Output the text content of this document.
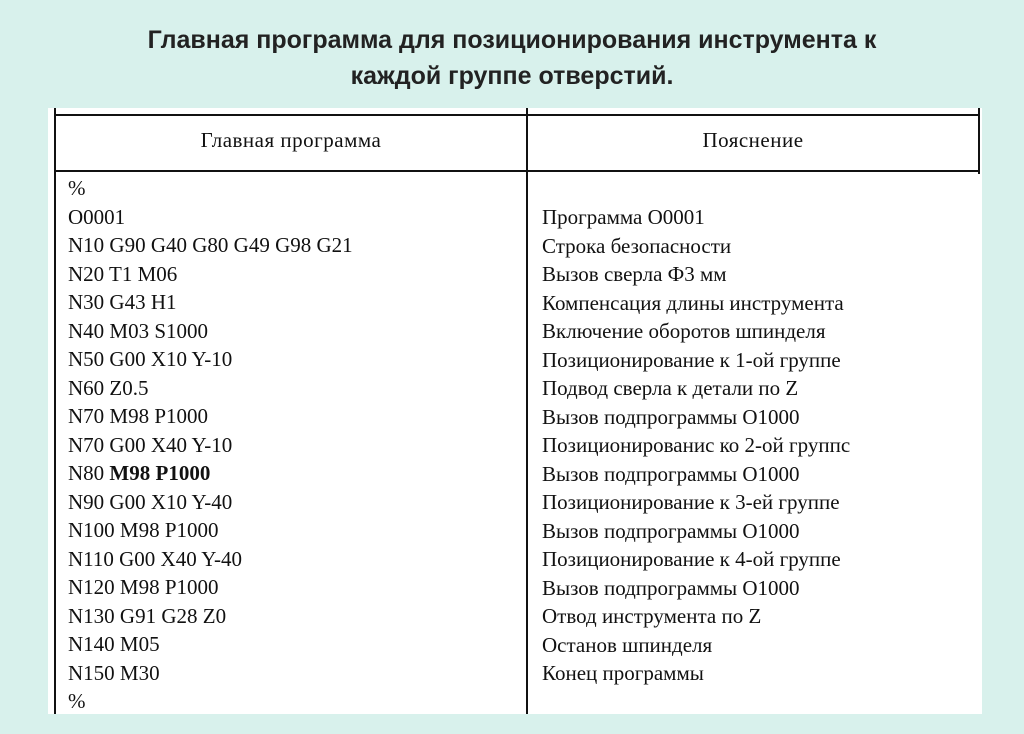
Главная программа для позиционирования инструмента к
каждой группе отверстий.
Главная программа	Пояснение
%
O0001
N10 G90 G40 G80 G49 G98 G21
N20 T1 M06
N30 G43 H1
N40 M03 S1000
N50 G00 X10 Y-10
N60 Z0.5
N70 M98 P1000
N70 G00 X40 Y-10
N80 M98 P1000
N90 G00 X10 Y-40
N100 M98 P1000
N110 G00 X40 Y-40
N120 M98 P1000
N130 G91 G28 Z0
N140 M05
N150 M30
%
Программа O0001
Строка безопасности
Вызов сверла Ф3 мм
Компенсация длины инструмента
Включение оборотов шпинделя
Позиционирование к 1-ой группе
Подвод сверла к детали по Z
Вызов подпрограммы O1000
Позиционированис ко 2-ой группс
Вызов подпрограммы O1000
Позиционирование к 3-ей группе
Вызов подпрограммы O1000
Позиционирование к 4-ой группе
Вызов подпрограммы O1000
Отвод инструмента по Z
Останов шпинделя
Конец программы
